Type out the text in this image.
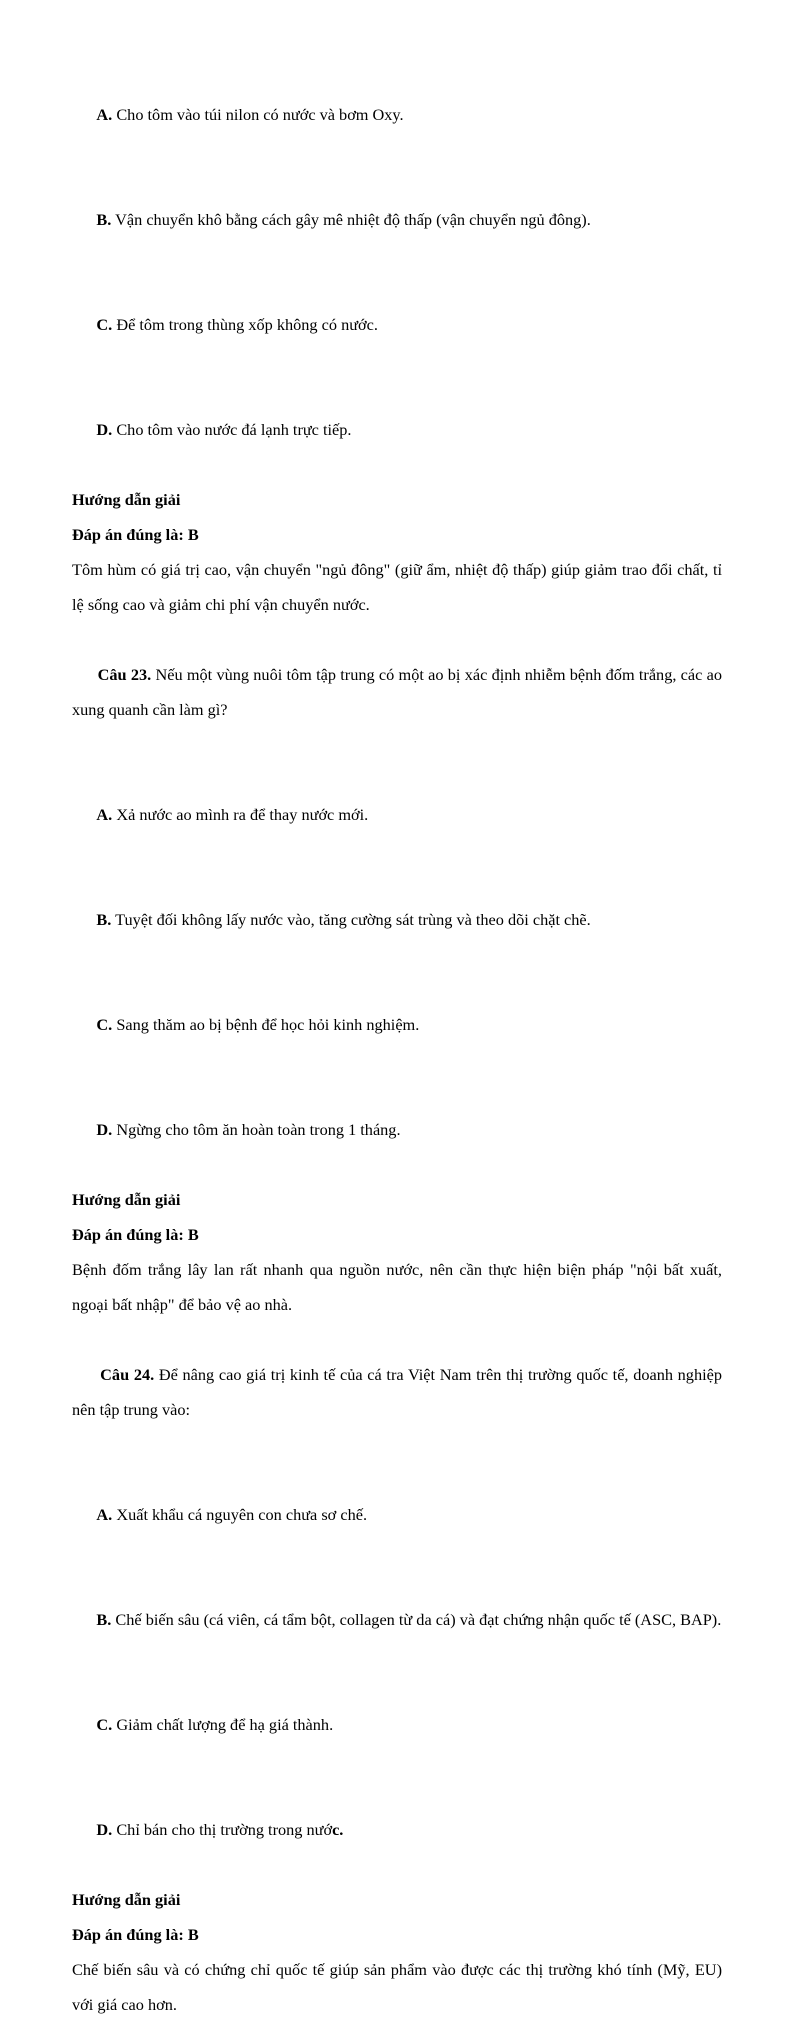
A. Cho tôm vào túi nilon có nước và bơm Oxy.

B. Vận chuyển khô bằng cách gây mê nhiệt độ thấp (vận chuyển ngủ đông).

C. Để tôm trong thùng xốp không có nước.

D. Cho tôm vào nước đá lạnh trực tiếp.

Hướng dẫn giải

Đáp án đúng là: B

Tôm hùm có giá trị cao, vận chuyển "ngủ đông" (giữ ẩm, nhiệt độ thấp) giúp giảm trao đổi chất, tỉ lệ sống cao và giảm chi phí vận chuyển nước.

Câu 23. Nếu một vùng nuôi tôm tập trung có một ao bị xác định nhiễm bệnh đốm trắng, các ao xung quanh cần làm gì?

A. Xả nước ao mình ra để thay nước mới.

B. Tuyệt đối không lấy nước vào, tăng cường sát trùng và theo dõi chặt chẽ.

C. Sang thăm ao bị bệnh để học hỏi kinh nghiệm.

D. Ngừng cho tôm ăn hoàn toàn trong 1 tháng.

Hướng dẫn giải

Đáp án đúng là: B

Bệnh đốm trắng lây lan rất nhanh qua nguồn nước, nên cần thực hiện biện pháp "nội bất xuất, ngoại bất nhập" để bảo vệ ao nhà.

Câu 24. Để nâng cao giá trị kinh tế của cá tra Việt Nam trên thị trường quốc tế, doanh nghiệp nên tập trung vào:

A. Xuất khẩu cá nguyên con chưa sơ chế.

B. Chế biến sâu (cá viên, cá tẩm bột, collagen từ da cá) và đạt chứng nhận quốc tế (ASC, BAP).

C. Giảm chất lượng để hạ giá thành.

D. Chỉ bán cho thị trường trong nước.

Hướng dẫn giải

Đáp án đúng là: B

Chế biến sâu và có chứng chỉ quốc tế giúp sản phẩm vào được các thị trường khó tính (Mỹ, EU) với giá cao hơn.
